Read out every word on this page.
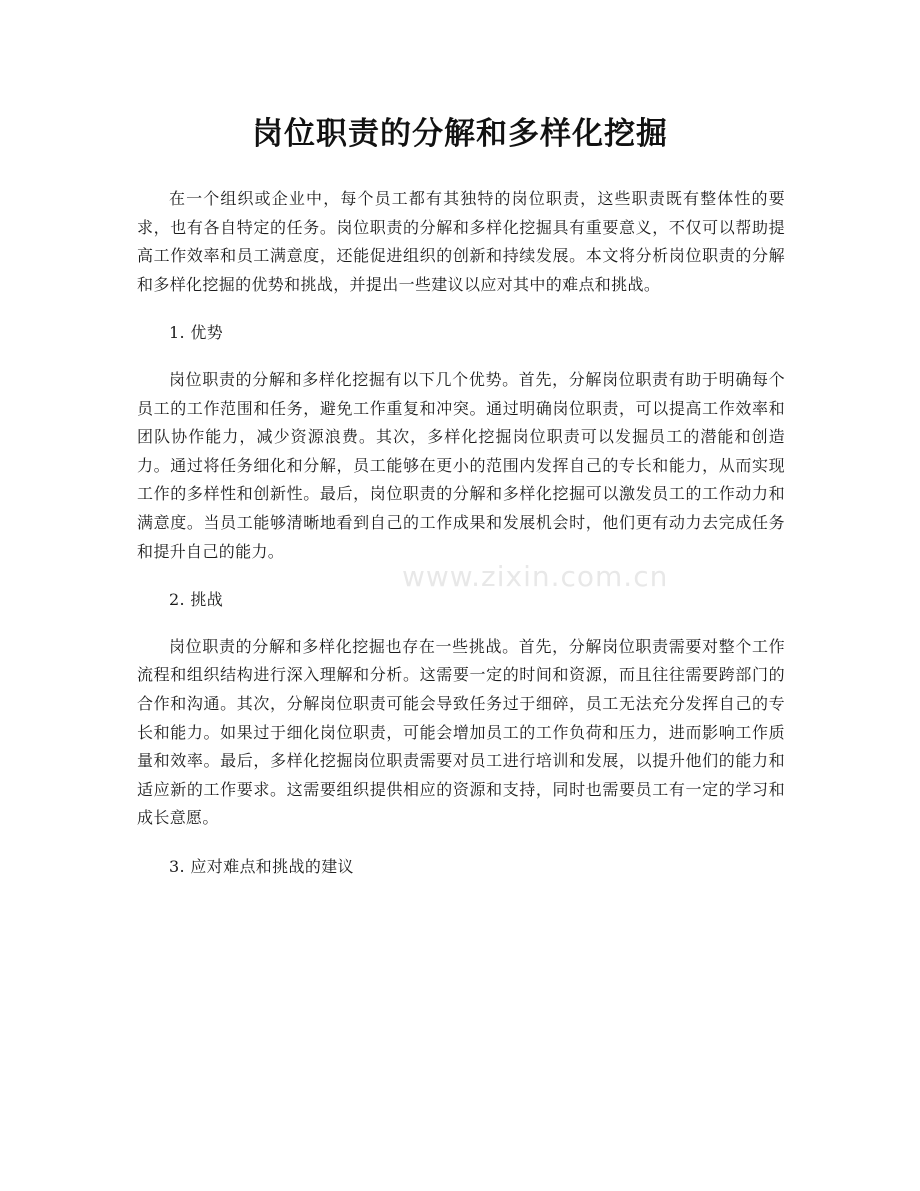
岗位职责的分解和多样化挖掘

在一个组织或企业中，每个员工都有其独特的岗位职责，这些职责既有整体性的要求，也有各自特定的任务。岗位职责的分解和多样化挖掘具有重要意义，不仅可以帮助提高工作效率和员工满意度，还能促进组织的创新和持续发展。本文将分析岗位职责的分解和多样化挖掘的优势和挑战，并提出一些建议以应对其中的难点和挑战。

1. 优势

岗位职责的分解和多样化挖掘有以下几个优势。首先，分解岗位职责有助于明确每个员工的工作范围和任务，避免工作重复和冲突。通过明确岗位职责，可以提高工作效率和团队协作能力，减少资源浪费。其次，多样化挖掘岗位职责可以发掘员工的潜能和创造力。通过将任务细化和分解，员工能够在更小的范围内发挥自己的专长和能力，从而实现工作的多样性和创新性。最后，岗位职责的分解和多样化挖掘可以激发员工的工作动力和满意度。当员工能够清晰地看到自己的工作成果和发展机会时，他们更有动力去完成任务和提升自己的能力。

2. 挑战

岗位职责的分解和多样化挖掘也存在一些挑战。首先，分解岗位职责需要对整个工作流程和组织结构进行深入理解和分析。这需要一定的时间和资源，而且往往需要跨部门的合作和沟通。其次，分解岗位职责可能会导致任务过于细碎，员工无法充分发挥自己的专长和能力。如果过于细化岗位职责，可能会增加员工的工作负荷和压力，进而影响工作质量和效率。最后，多样化挖掘岗位职责需要对员工进行培训和发展，以提升他们的能力和适应新的工作要求。这需要组织提供相应的资源和支持，同时也需要员工有一定的学习和成长意愿。

3. 应对难点和挑战的建议

www.zixin.com.cn
